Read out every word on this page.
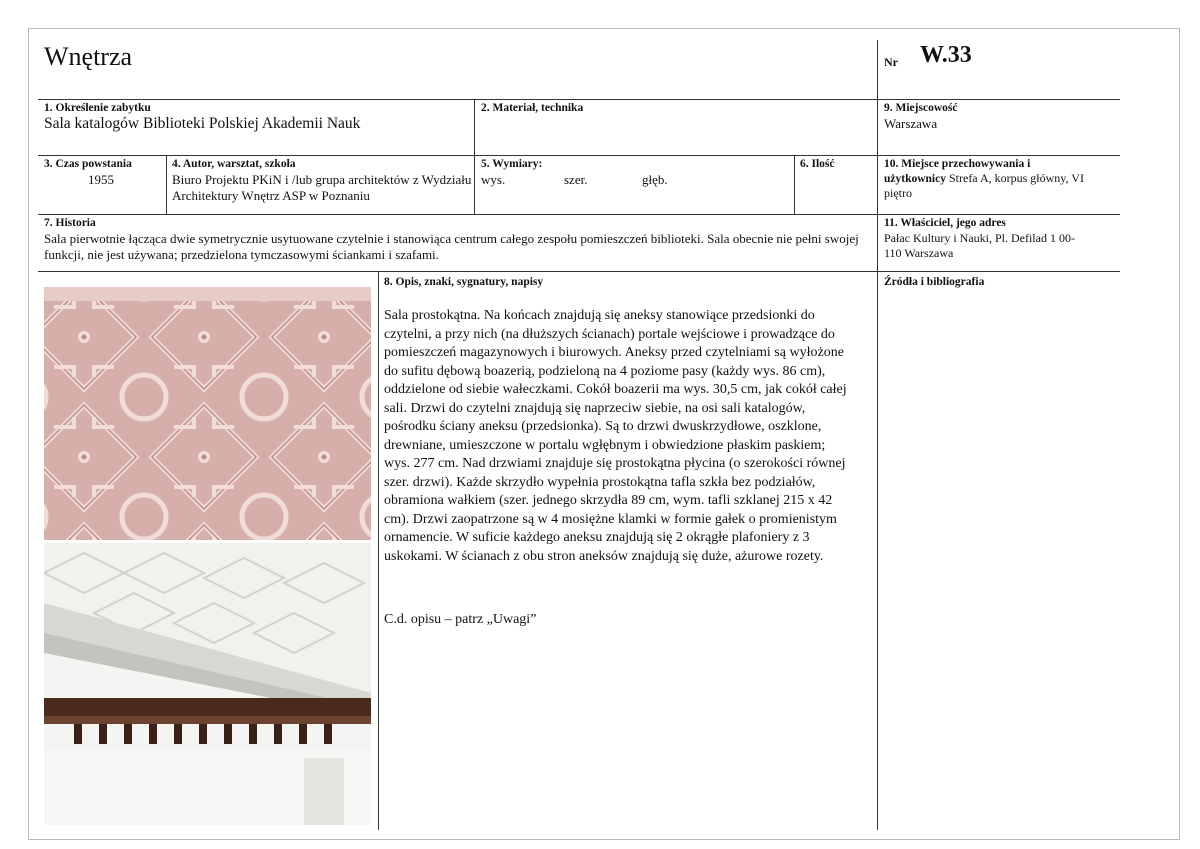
Wnętrza	Nr W.33
1. Określenie zabytku
Sala katalogów Biblioteki Polskiej Akademii Nauk
2. Materiał, technika	9. Miejscowość
Warszawa
3. Czas powstania
1955
4. Autor, warsztat, szkoła
Biuro Projektu PKiN i /lub grupa architektów z Wydziału Architektury Wnętrz ASP w Poznaniu
5. Wymiary:
wys.	szer.	głęb.
6. Ilość	10. Miejsce przechowywania i
użytkownicy Strefa A, korpus główny, VI piętro
7. Historia
Sala pierwotnie łącząca dwie symetrycznie usytuowane czytelnie i stanowiąca centrum całego zespołu pomieszczeń biblioteki. Sala obecnie nie pełni swojej funkcji, nie jest używana; przedzielona tymczasowymi ściankami i szafami.
11. Właściciel, jego adres
Pałac Kultury i Nauki, Pl. Defilad 1 00-110 Warszawa
8. Opis, znaki, sygnatury, napisy
Sala prostokątna. Na końcach znajdują się aneksy stanowiące przedsionki do czytelni, a przy nich (na dłuższych ścianach) portale wejściowe i prowadzące do pomieszczeń magazynowych i biurowych. Aneksy przed czytelniami są wyłożone do sufitu dębową boazerią, podzieloną na 4 poziome pasy (każdy wys. 86 cm), oddzielone od siebie wałeczkami. Cokół boazerii ma wys. 30,5 cm, jak cokół całej sali. Drzwi do czytelni znajdują się naprzeciw siebie, na osi sali katalogów, pośrodku ściany aneksu (przedsionka). Są to drzwi dwuskrzydłowe, oszklone, drewniane, umieszczone w portalu wgłębnym i obwiedzione płaskim paskiem; wys. 277 cm. Nad drzwiami znajduje się prostokątna płycina (o szerokości równej szer. drzwi). Każde skrzydło wypełnia prostokątna tafla szkła bez podziałów, obramiona wałkiem (szer. jednego skrzydła 89 cm, wym. tafli szklanej 215 x 42 cm). Drzwi zaopatrzone są w 4 mosiężne klamki w formie gałek o promienistym ornamencie. W suficie każdego aneksu znajdują się 2 okrągłe plafoniery z 3 uskokami. W ścianach z obu stron aneksów znajdują się duże, ażurowe rozety.
C.d. opisu – patrz „Uwagi”
Źródła i bibliografia
